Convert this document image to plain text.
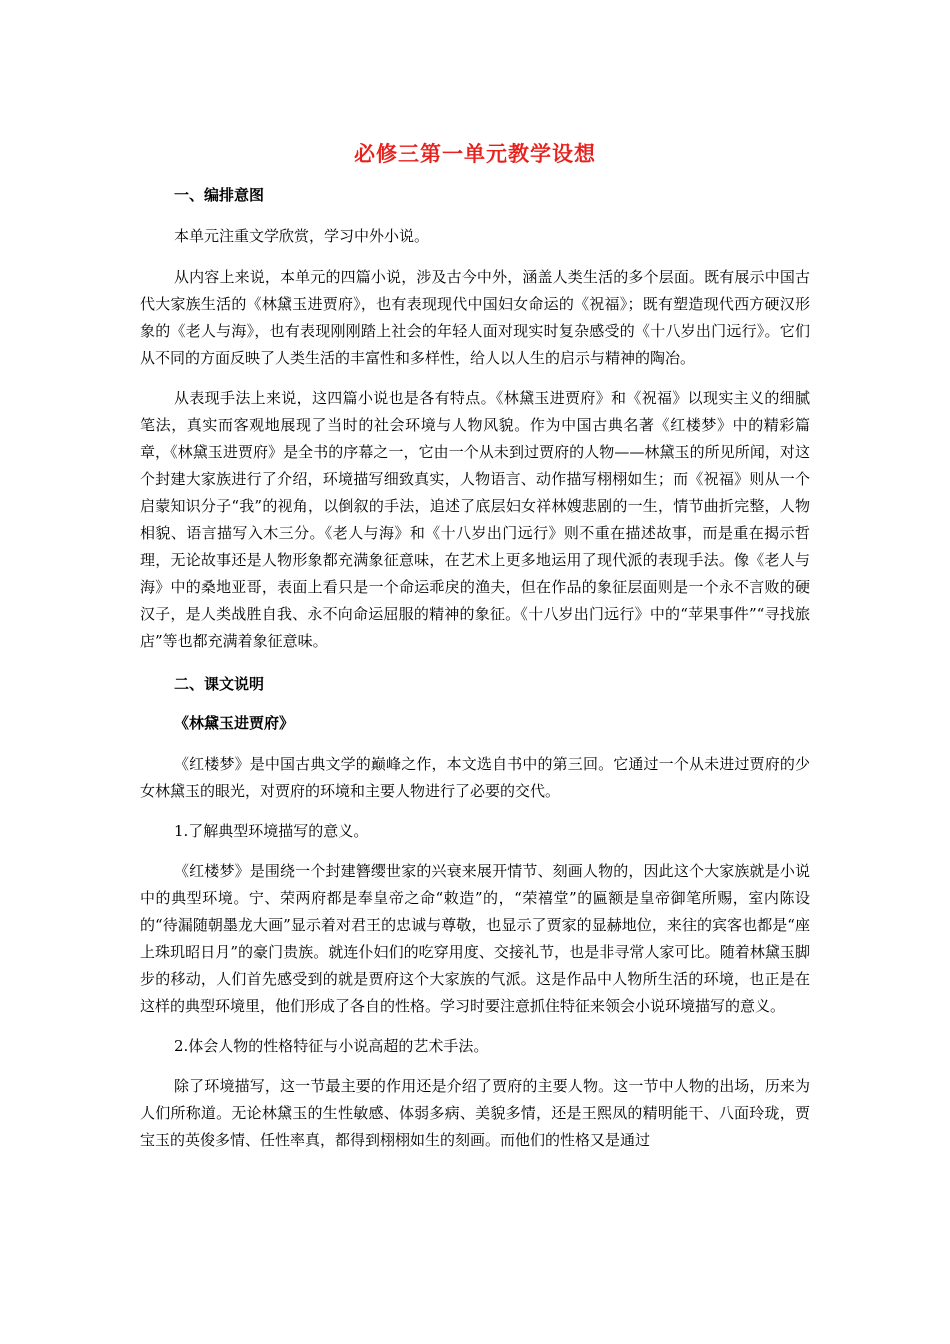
必修三第一单元教学设想
一、编排意图

本单元注重文学欣赏，学习中外小说。

从内容上来说，本单元的四篇小说，涉及古今中外，涵盖人类生活的多个层面。既有展示中国古代大家族生活的《林黛玉进贾府》，也有表现现代中国妇女命运的《祝福》；既有塑造现代西方硬汉形象的《老人与海》，也有表现刚刚踏上社会的年轻人面对现实时复杂感受的《十八岁出门远行》。它们从不同的方面反映了人类生活的丰富性和多样性，给人以人生的启示与精神的陶冶。

从表现手法上来说，这四篇小说也是各有特点。《林黛玉进贾府》和《祝福》以现实主义的细腻笔法，真实而客观地展现了当时的社会环境与人物风貌。作为中国古典名著《红楼梦》中的精彩篇章，《林黛玉进贾府》是全书的序幕之一，它由一个从未到过贾府的人物——林黛玉的所见所闻，对这个封建大家族进行了介绍，环境描写细致真实，人物语言、动作描写栩栩如生；而《祝福》则从一个启蒙知识分子“我”的视角，以倒叙的手法，追述了底层妇女祥林嫂悲剧的一生，情节曲折完整，人物相貌、语言描写入木三分。《老人与海》和《十八岁出门远行》则不重在描述故事，而是重在揭示哲理，无论故事还是人物形象都充满象征意味，在艺术上更多地运用了现代派的表现手法。像《老人与海》中的桑地亚哥，表面上看只是一个命运乖戾的渔夫，但在作品的象征层面则是一个永不言败的硬汉子，是人类战胜自我、永不向命运屈服的精神的象征。《十八岁出门远行》中的“苹果事件”“寻找旅店”等也都充满着象征意味。

二、课文说明
《林黛玉进贾府》

《红楼梦》是中国古典文学的巅峰之作，本文选自书中的第三回。它通过一个从未进过贾府的少女林黛玉的眼光，对贾府的环境和主要人物进行了必要的交代。

1.了解典型环境描写的意义。

《红楼梦》是围绕一个封建簪缨世家的兴衰来展开情节、刻画人物的，因此这个大家族就是小说中的典型环境。宁、荣两府都是奉皇帝之命“敕造”的，“荣禧堂”的匾额是皇帝御笔所赐，室内陈设的“待漏随朝墨龙大画”显示着对君王的忠诚与尊敬，也显示了贾家的显赫地位，来往的宾客也都是“座上珠玑昭日月”的豪门贵族。就连仆妇们的吃穿用度、交接礼节，也是非寻常人家可比。随着林黛玉脚步的移动，人们首先感受到的就是贾府这个大家族的气派。这是作品中人物所生活的环境，也正是在这样的典型环境里，他们形成了各自的性格。学习时要注意抓住特征来领会小说环境描写的意义。

2.体会人物的性格特征与小说高超的艺术手法。

除了环境描写，这一节最主要的作用还是介绍了贾府的主要人物。这一节中人物的出场，历来为人们所称道。无论林黛玉的生性敏感、体弱多病、美貌多情，还是王熙凤的精明能干、八面玲珑，贾宝玉的英俊多情、任性率真，都得到栩栩如生的刻画。而他们的性格又是通过
